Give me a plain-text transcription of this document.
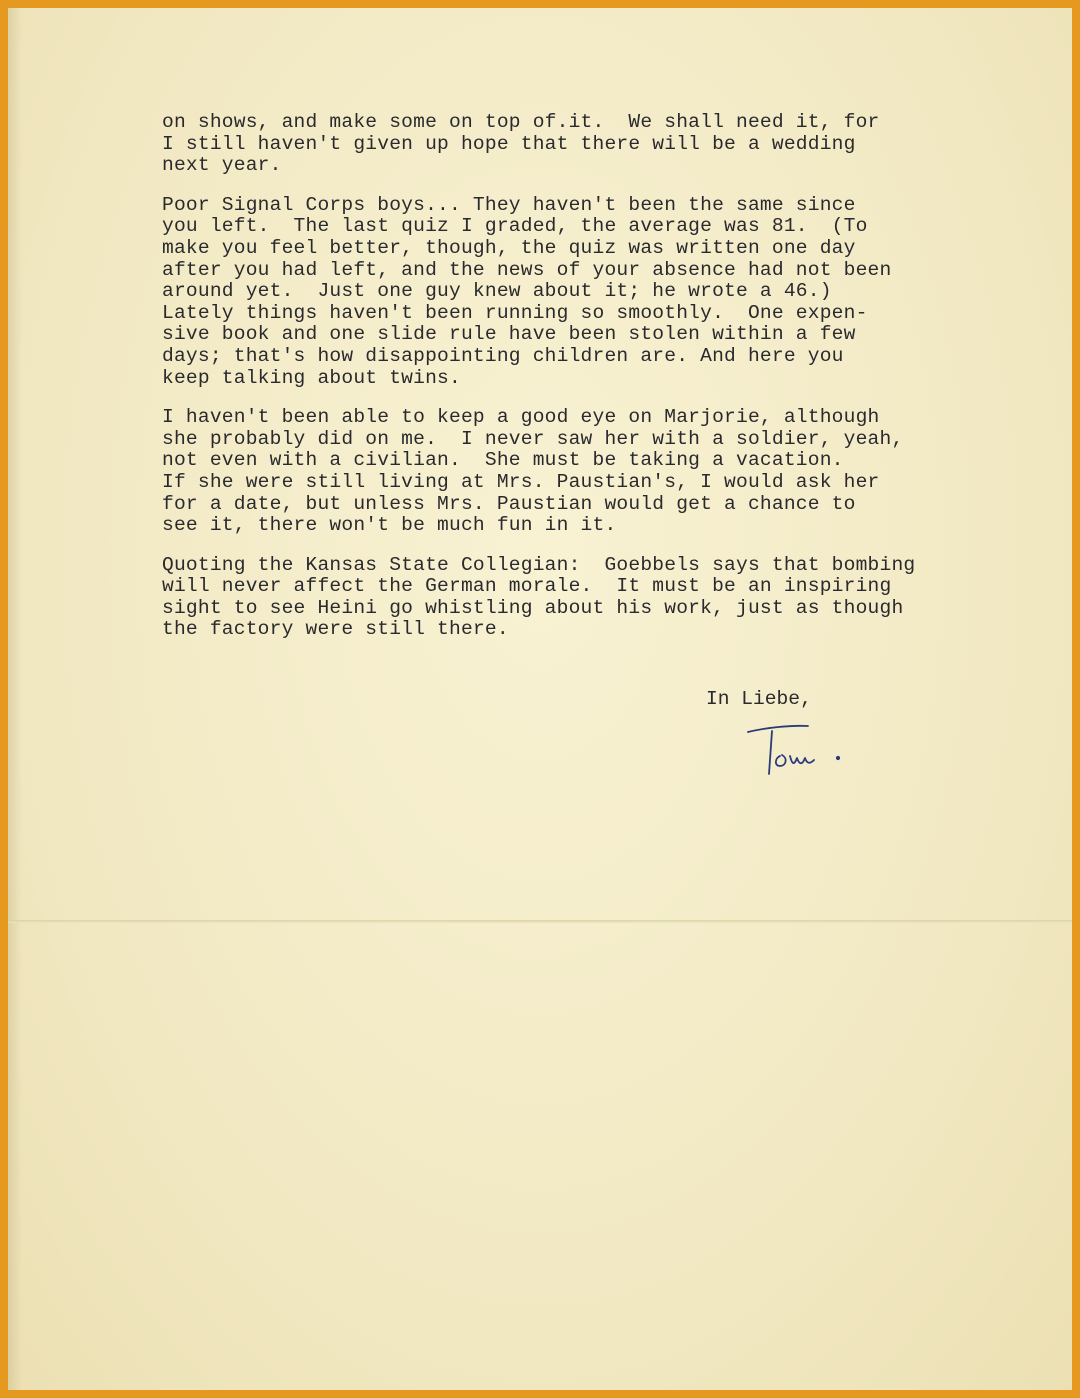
on shows, and make some on top of.it.  We shall need it, for
I still haven't given up hope that there will be a wedding
next year.
Poor Signal Corps boys... They haven't been the same since
you left.  The last quiz I graded, the average was 81.  (To
make you feel better, though, the quiz was written one day
after you had left, and the news of your absence had not been
around yet.  Just one guy knew about it; he wrote a 46.)
Lately things haven't been running so smoothly.  One expen-
sive book and one slide rule have been stolen within a few
days; that's how disappointing children are. And here you
keep talking about twins.
I haven't been able to keep a good eye on Marjorie, although
she probably did on me.  I never saw her with a soldier, yeah,
not even with a civilian.  She must be taking a vacation.
If she were still living at Mrs. Paustian's, I would ask her
for a date, but unless Mrs. Paustian would get a chance to
see it, there won't be much fun in it.
Quoting the Kansas State Collegian:  Goebbels says that bombing
will never affect the German morale.  It must be an inspiring
sight to see Heini go whistling about his work, just as though
the factory were still there.
In Liebe,
